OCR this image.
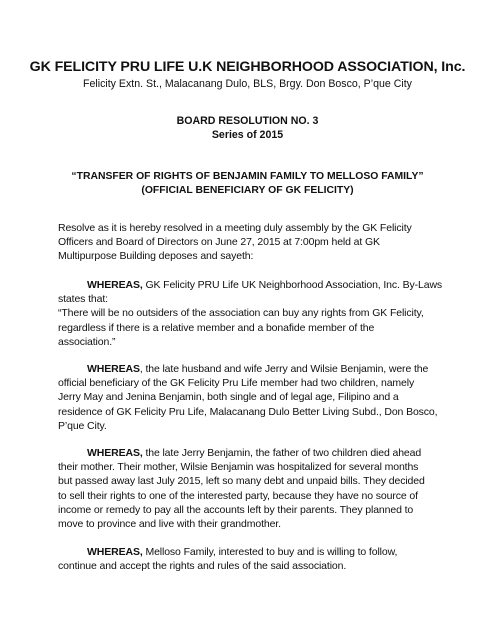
GK FELICITY PRU LIFE U.K NEIGHBORHOOD ASSOCIATION, Inc.
Felicity Extn. St., Malacanang Dulo, BLS, Brgy. Don Bosco, P’que City
BOARD RESOLUTION NO. 3
Series of 2015
“TRANSFER OF RIGHTS OF BENJAMIN FAMILY TO MELLOSO FAMILY”
(OFFICIAL BENEFICIARY OF GK FELICITY)
Resolve as it is hereby resolved in a meeting duly assembly by the GK Felicity
Officers and Board of Directors on June 27, 2015 at 7:00pm held at GK
Multipurpose Building deposes and sayeth:
WHEREAS, GK Felicity PRU Life UK Neighborhood Association, Inc. By-Laws
states that:
“There will be no outsiders of the association can buy any rights from GK Felicity,
regardless if there is a relative member and a bonafide member of the
association.”
WHEREAS, the late husband and wife Jerry and Wilsie Benjamin, were the
official beneficiary of the GK Felicity Pru Life member had two children, namely
Jerry May and Jenina Benjamin, both single and of legal age, Filipino and a
residence of GK Felicity Pru Life, Malacanang Dulo Better Living Subd., Don Bosco,
P’que City.
WHEREAS, the late Jerry Benjamin, the father of two children died ahead
their mother. Their mother, Wilsie Benjamin was hospitalized for several months
but passed away last July 2015, left so many debt and unpaid bills. They decided
to sell their rights to one of the interested party, because they have no source of
income or remedy to pay all the accounts left by their parents. They planned to
move to province and live with their grandmother.
WHEREAS, Melloso Family, interested to buy and is willing to follow,
continue and accept the rights and rules of the said association.
